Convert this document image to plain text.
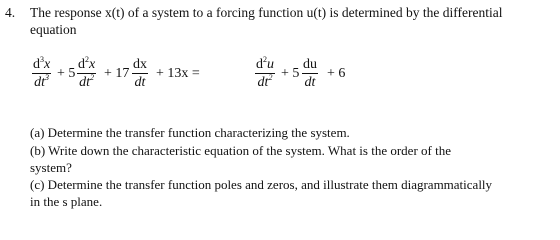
4. The response x(t) of a system to a forcing function u(t) is determined by the differential
equation
$d^3x$
$dt^3 + 5$
$d^2x$
$dt^2 + 17$
dx
dt
+ 13x =
$d^2u$
$dt^2 + 5$
du
dt
+ 6
(a) Determine the transfer function characterizing the system.
(b) Write down the characteristic equation of the system. What is the order of the
system?
(c) Determine the transfer function poles and zeros, and illustrate them diagrammatically
in the s plane.
